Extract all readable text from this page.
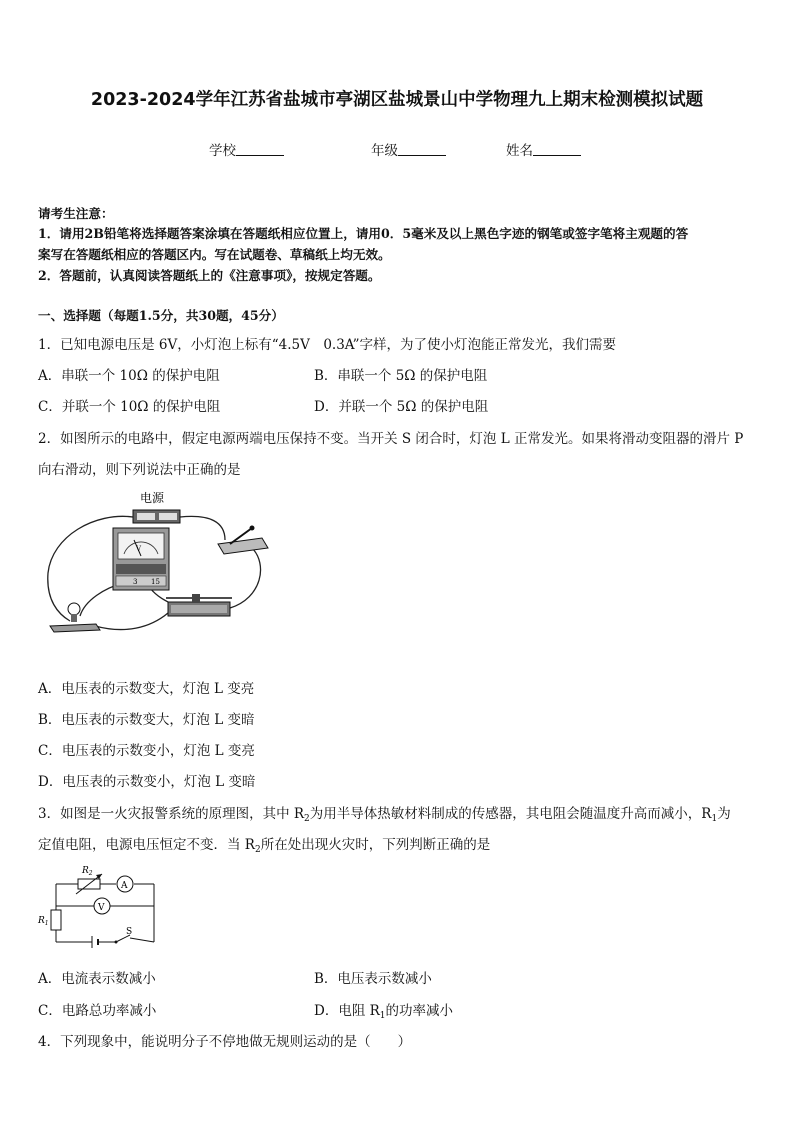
2023-2024学年江苏省盐城市亭湖区盐城景山中学物理九上期末检测模拟试题
学校	年级	姓名
请考生注意：
1．请用2B铅笔将选择题答案涂填在答题纸相应位置上，请用0．5毫米及以上黑色字迹的钢笔或签字笔将主观题的答
案写在答题纸相应的答题区内。写在试题卷、草稿纸上均无效。
2．答题前，认真阅读答题纸上的《注意事项》，按规定答题。
一、选择题（每题1.5分，共30题，45分）
1．已知电源电压是 6V，小灯泡上标有“4.5V　0.3A”字样，为了使小灯泡能正常发光，我们需要
A．串联一个 10Ω 的保护电阻	B．串联一个 5Ω 的保护电阻
C．并联一个 10Ω 的保护电阻	D．并联一个 5Ω 的保护电阻
2．如图所示的电路中，假定电源两端电压保持不变。当开关 S 闭合时，灯泡 L 正常发光。如果将滑动变阻器的滑片 P
向右滑动，则下列说法中正确的是
电源
V
3 15
A．电压表的示数变大，灯泡 L 变亮
B．电压表的示数变大，灯泡 L 变暗
C．电压表的示数变小，灯泡 L 变亮
D．电压表的示数变小，灯泡 L 变暗
3．如图是一火灾报警系统的原理图，其中 $R_2$为用半导体热敏材料制成的传感器，其电阻会随温度升高而减小，$R_1$为
定值电阻，电源电压恒定不变．当 $R_2$所在处出现火灾时，下列判断正确的是
$R_2$
A
V
$R_1$
S
A．电流表示数减小	B．电压表示数减小
C．电路总功率减小	D．电阻 $R_1$的功率减小
4．下列现象中，能说明分子不停地做无规则运动的是（　　）
